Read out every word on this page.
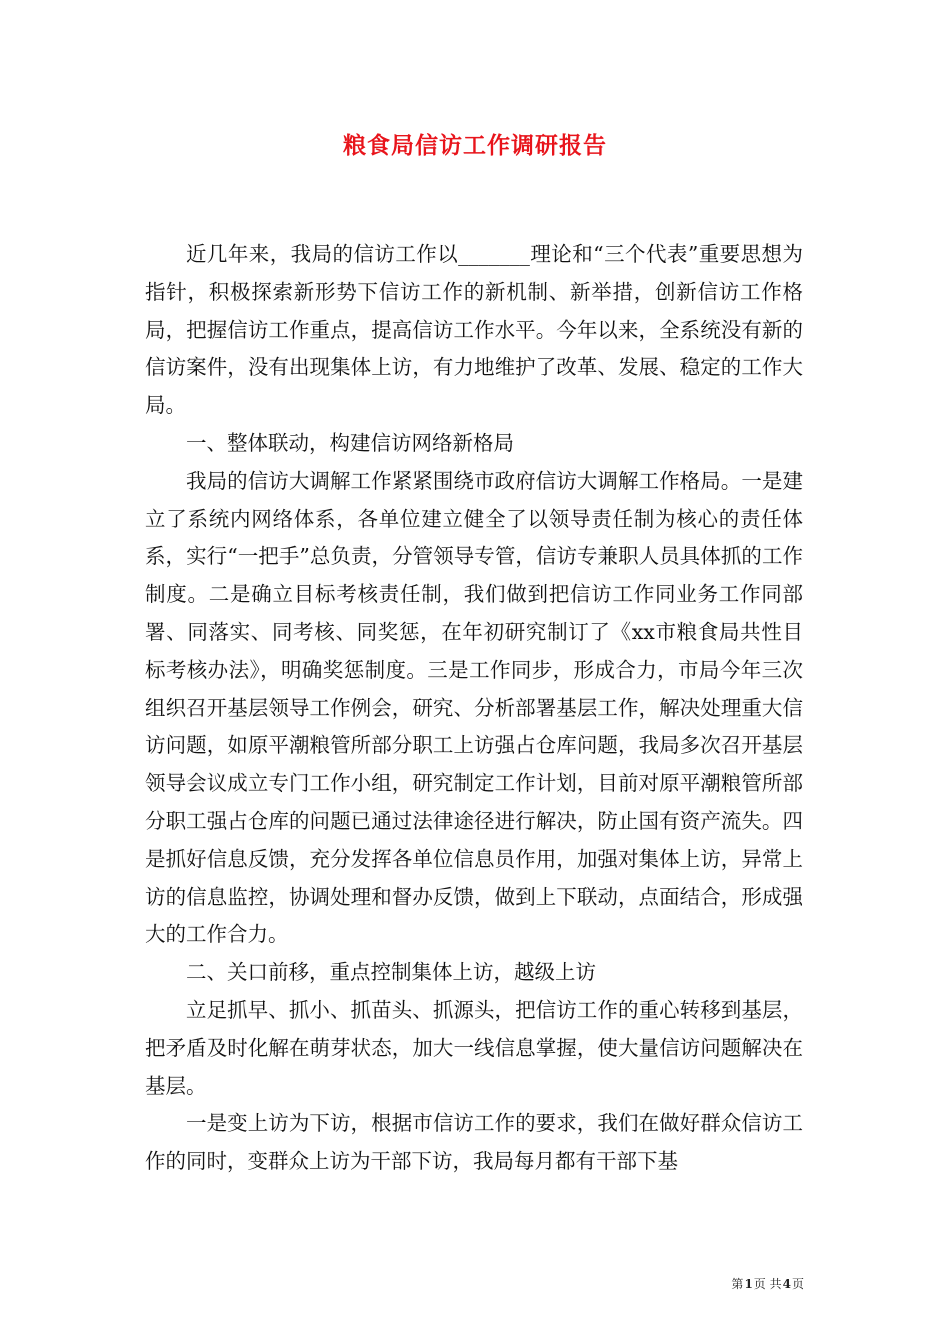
粮食局信访工作调研报告

近几年来，我局的信访工作以_______理论和“三个代表”重要思想为指针，积极探索新形势下信访工作的新机制、新举措，创新信访工作格局，把握信访工作重点，提高信访工作水平。今年以来，全系统没有新的信访案件，没有出现集体上访，有力地维护了改革、发展、稳定的工作大局。

一、整体联动，构建信访网络新格局

我局的信访大调解工作紧紧围绕市政府信访大调解工作格局。一是建立了系统内网络体系，各单位建立健全了以领导责任制为核心的责任体系，实行“一把手”总负责，分管领导专管，信访专兼职人员具体抓的工作制度。二是确立目标考核责任制，我们做到把信访工作同业务工作同部署、同落实、同考核、同奖惩，在年初研究制订了《xx市粮食局共性目标考核办法》，明确奖惩制度。三是工作同步，形成合力，市局今年三次组织召开基层领导工作例会，研究、分析部署基层工作，解决处理重大信访问题，如原平潮粮管所部分职工上访强占仓库问题，我局多次召开基层领导会议成立专门工作小组，研究制定工作计划，目前对原平潮粮管所部分职工强占仓库的问题已通过法律途径进行解决，防止国有资产流失。四是抓好信息反馈，充分发挥各单位信息员作用，加强对集体上访，异常上访的信息监控，协调处理和督办反馈，做到上下联动，点面结合，形成强大的工作合力。

二、关口前移，重点控制集体上访，越级上访

立足抓早、抓小、抓苗头、抓源头，把信访工作的重心转移到基层，把矛盾及时化解在萌芽状态，加大一线信息掌握，使大量信访问题解决在基层。

一是变上访为下访，根据市信访工作的要求，我们在做好群众信访工作的同时，变群众上访为干部下访，我局每月都有干部下基

第 1 页 共 4 页
